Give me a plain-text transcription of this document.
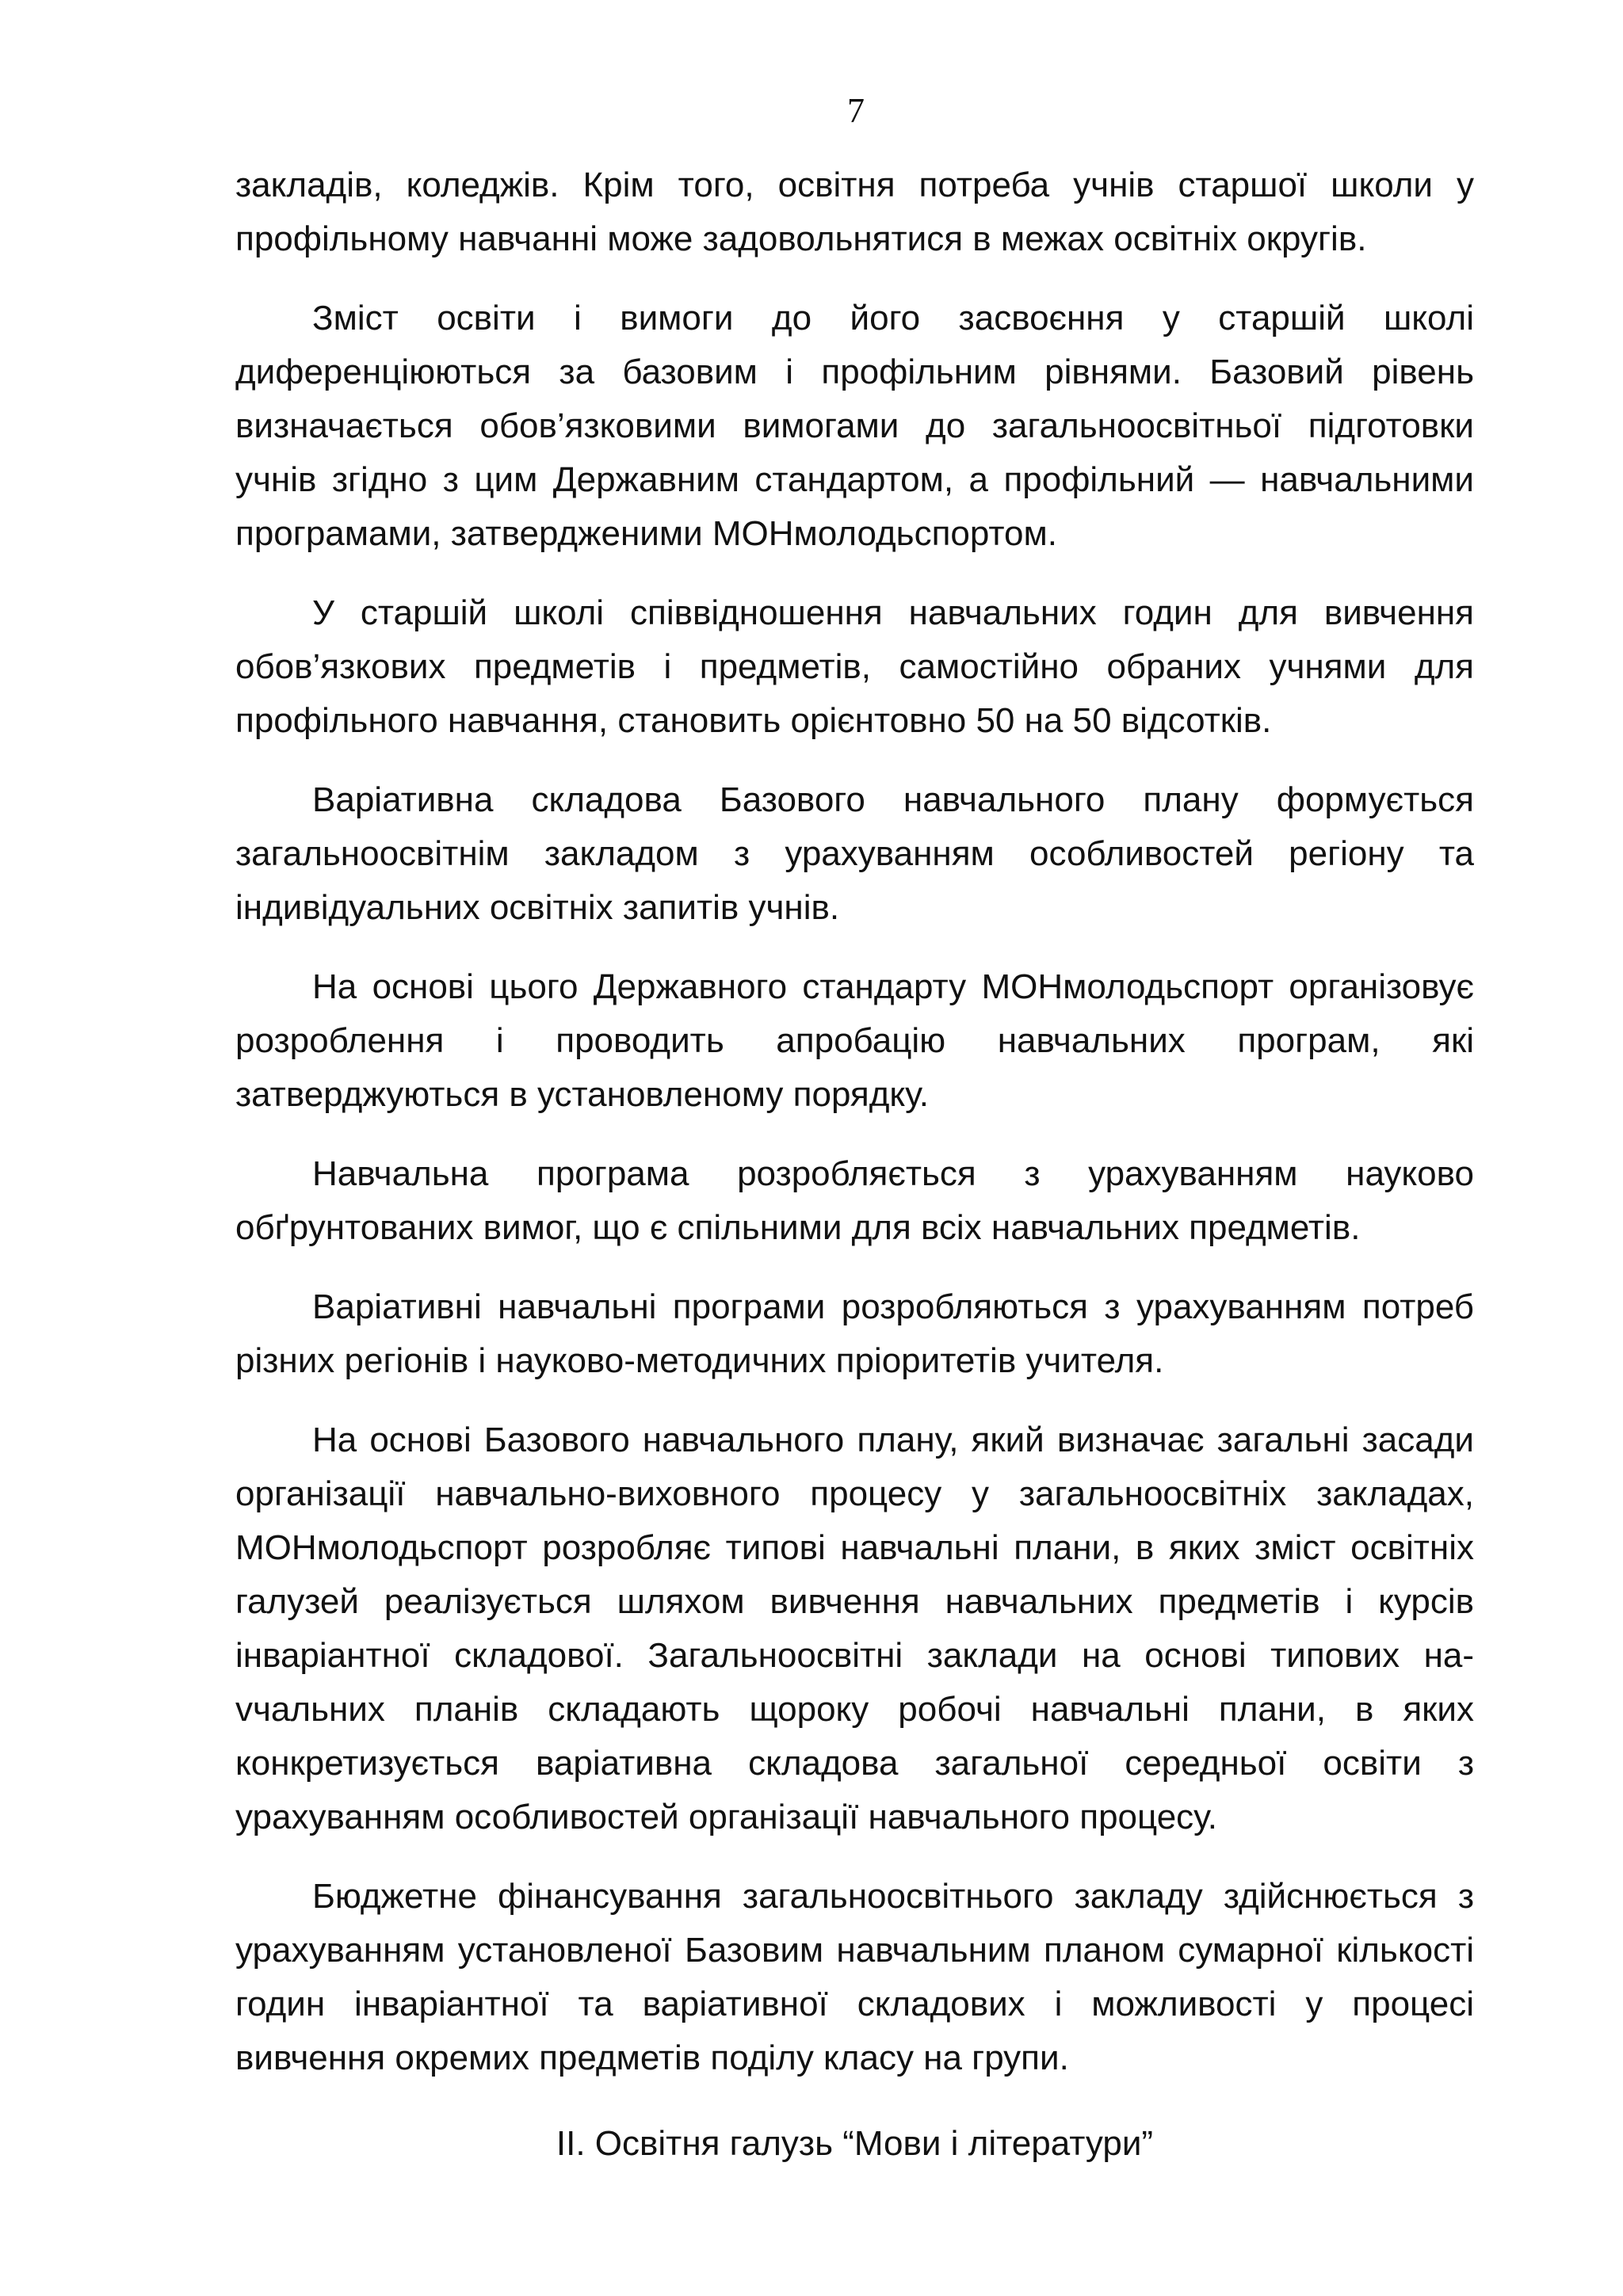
7

закладів, коледжів. Крім того, освітня потреба учнів старшої школи у профільному навчанні може задовольнятися в межах освітніх округів.

Зміст освіти і вимоги до його засвоєння у старшій школі диференціюються за базовим і профільним рівнями. Базовий рівень визначається обов’язковими вимогами до загальноосвітньої підготовки учнів згідно з цим Державним стандартом, а профільний — навчальними програмами, затвердженими МОНмолодьспортом.

У старшій школі співвідношення навчальних годин для вивчення обов’язкових предметів і предметів, самостійно обраних учнями для профільного навчання, становить орієнтовно 50 на 50 відсотків.

Варіативна складова Базового навчального плану формується загальноосвітнім закладом з урахуванням особливостей регіону та індивідуальних освітніх запитів учнів.

На основі цього Державного стандарту МОНмолодьспорт організовує розроблення і проводить апробацію навчальних програм, які затверджуються в установленому порядку.

Навчальна програма розробляється з урахуванням науково обґрунтованих вимог, що є спільними для всіх навчальних предметів.

Варіативні навчальні програми розробляються з урахуванням потреб різних регіонів і науково-методичних пріоритетів учителя.

На основі Базового навчального плану, який визначає загальні засади організації навчально-виховного процесу у загальноосвітніх закладах, МОНмолодьспорт розробляє типові навчальні плани, в яких зміст освітніх галузей реалізується шляхом вивчення навчальних предметів і курсів інваріантної складової. Загальноосвітні заклади на основі типових наvчальних планів складають щороку робочі навчальні плани, в яких конкретизується варіативна складова загальної середньої освіти з урахуванням особливостей організації навчального процесу.

Бюджетне фінансування загальноосвітнього закладу здійснюється з урахуванням установленої Базовим навчальним планом сумарної кількості годин інваріантної та варіативної складових і можливості у процесі вивчення окремих предметів поділу класу на групи.

II. Освітня галузь “Мови і літератури”
